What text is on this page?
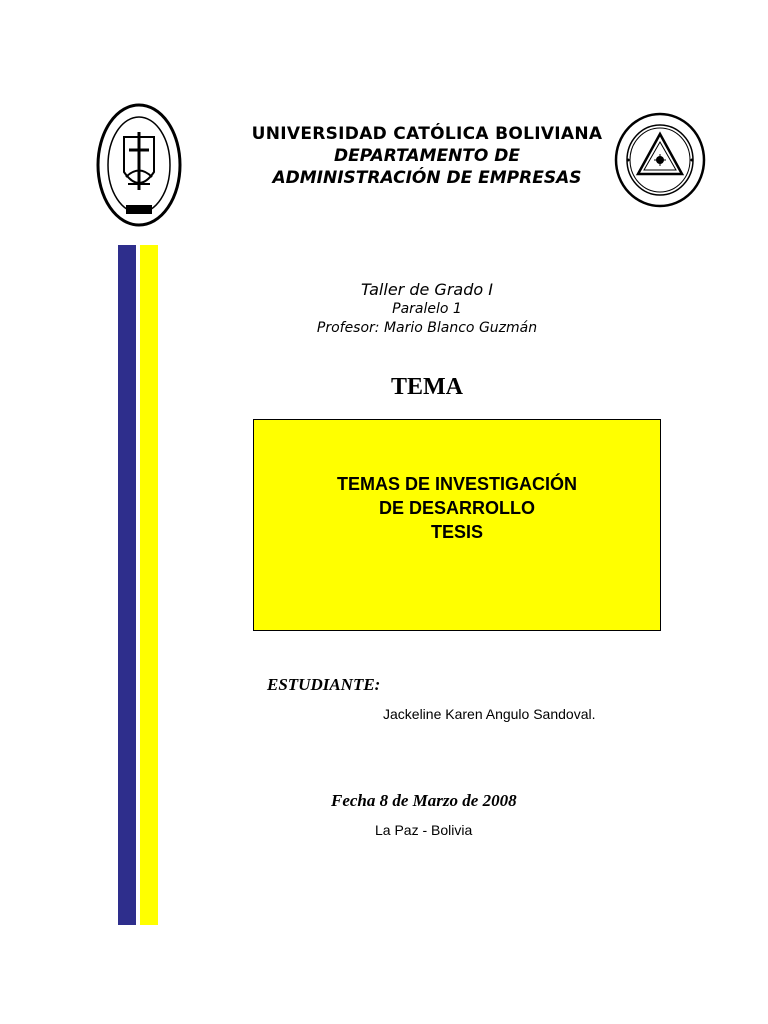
UNIVERSIDAD CATÓLICA BOLIVIANA
DEPARTAMENTO DE
ADMINISTRACIÓN DE EMPRESAS
Taller de Grado I
Paralelo 1
Profesor: Mario Blanco Guzmán
TEMA
TEMAS DE INVESTIGACIÓN
DE DESARROLLO
TESIS
ESTUDIANTE:
Jackeline Karen Angulo Sandoval.
Fecha 8 de Marzo de 2008
La Paz - Bolivia
